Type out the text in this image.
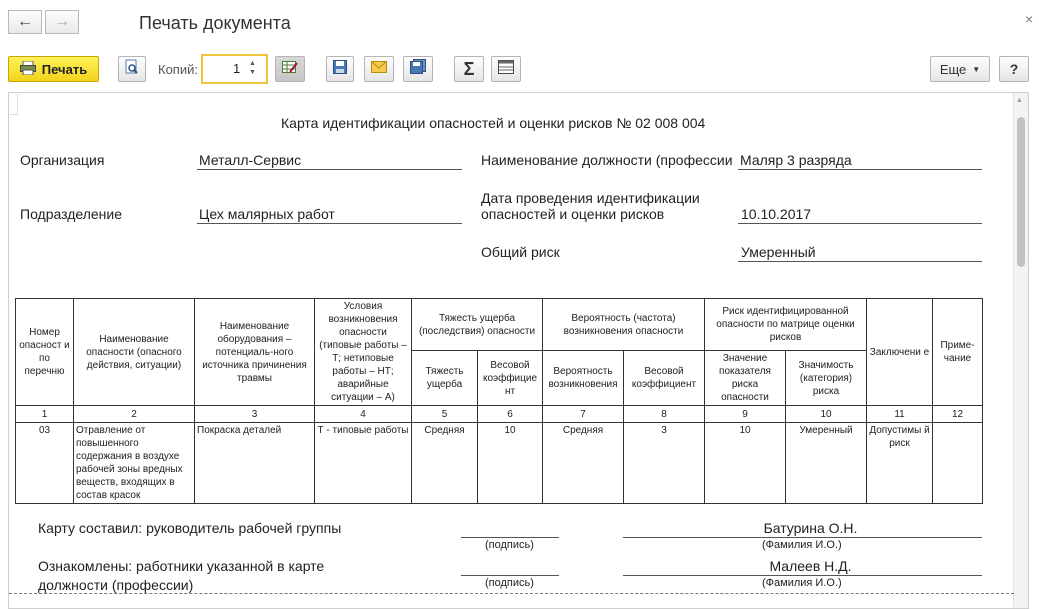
← →	Печать документа	×
Печать	Копий:	1 ▲
▼	Σ	Еще ▼	?
▲
Карта идентификации опасностей и оценки рисков № 02 008 004
Организация	Металл-Сервис	Наименование должности (профессии Маляр 3 разряда
Подразделение	Цех малярных работ
Дата проведения идентификации
опасностей и оценки рисков	10.10.2017
Общий риск	Умеренный
Номер опасност и по перечню	Наименование опасности (опасного действия, ситуации)	Наименование оборудования – потенциаль-ного источника причинения травмы	Условия возникновения опасности (типовые работы – Т; нетиповые работы – НТ; аварийные ситуации – А)	Тяжесть ущерба (последствия) опасности		Вероятность (частота) возникновения опасности		Риск идентифицированной опасности по матрице оценки рисков		Заключени е	Приме-чание
				Тяжесть ущерба	Весовой коэффицие нт	Вероятность возникновения	Весовой коэффициент	Значение показателя риска опасности	Значимость (категория) риска		
1	2	3	4	5	6	7	8	9	10	11	12
03	Отравление от повышенного содержания в воздухе рабочей зоны вредных веществ, входящих в состав красок	Покраска деталей	Т - типовые работы	Средняя	10	Средняя	3	10	Умеренный	Допустимы й риск	
Карту составил: руководитель рабочей группы
(подпись)
Батурина О.Н.
(Фамилия И.О.)
Ознакомлены: работники указанной в карте
должности (профессии)	(подпись)
Малеев Н.Д.
(Фамилия И.О.)
